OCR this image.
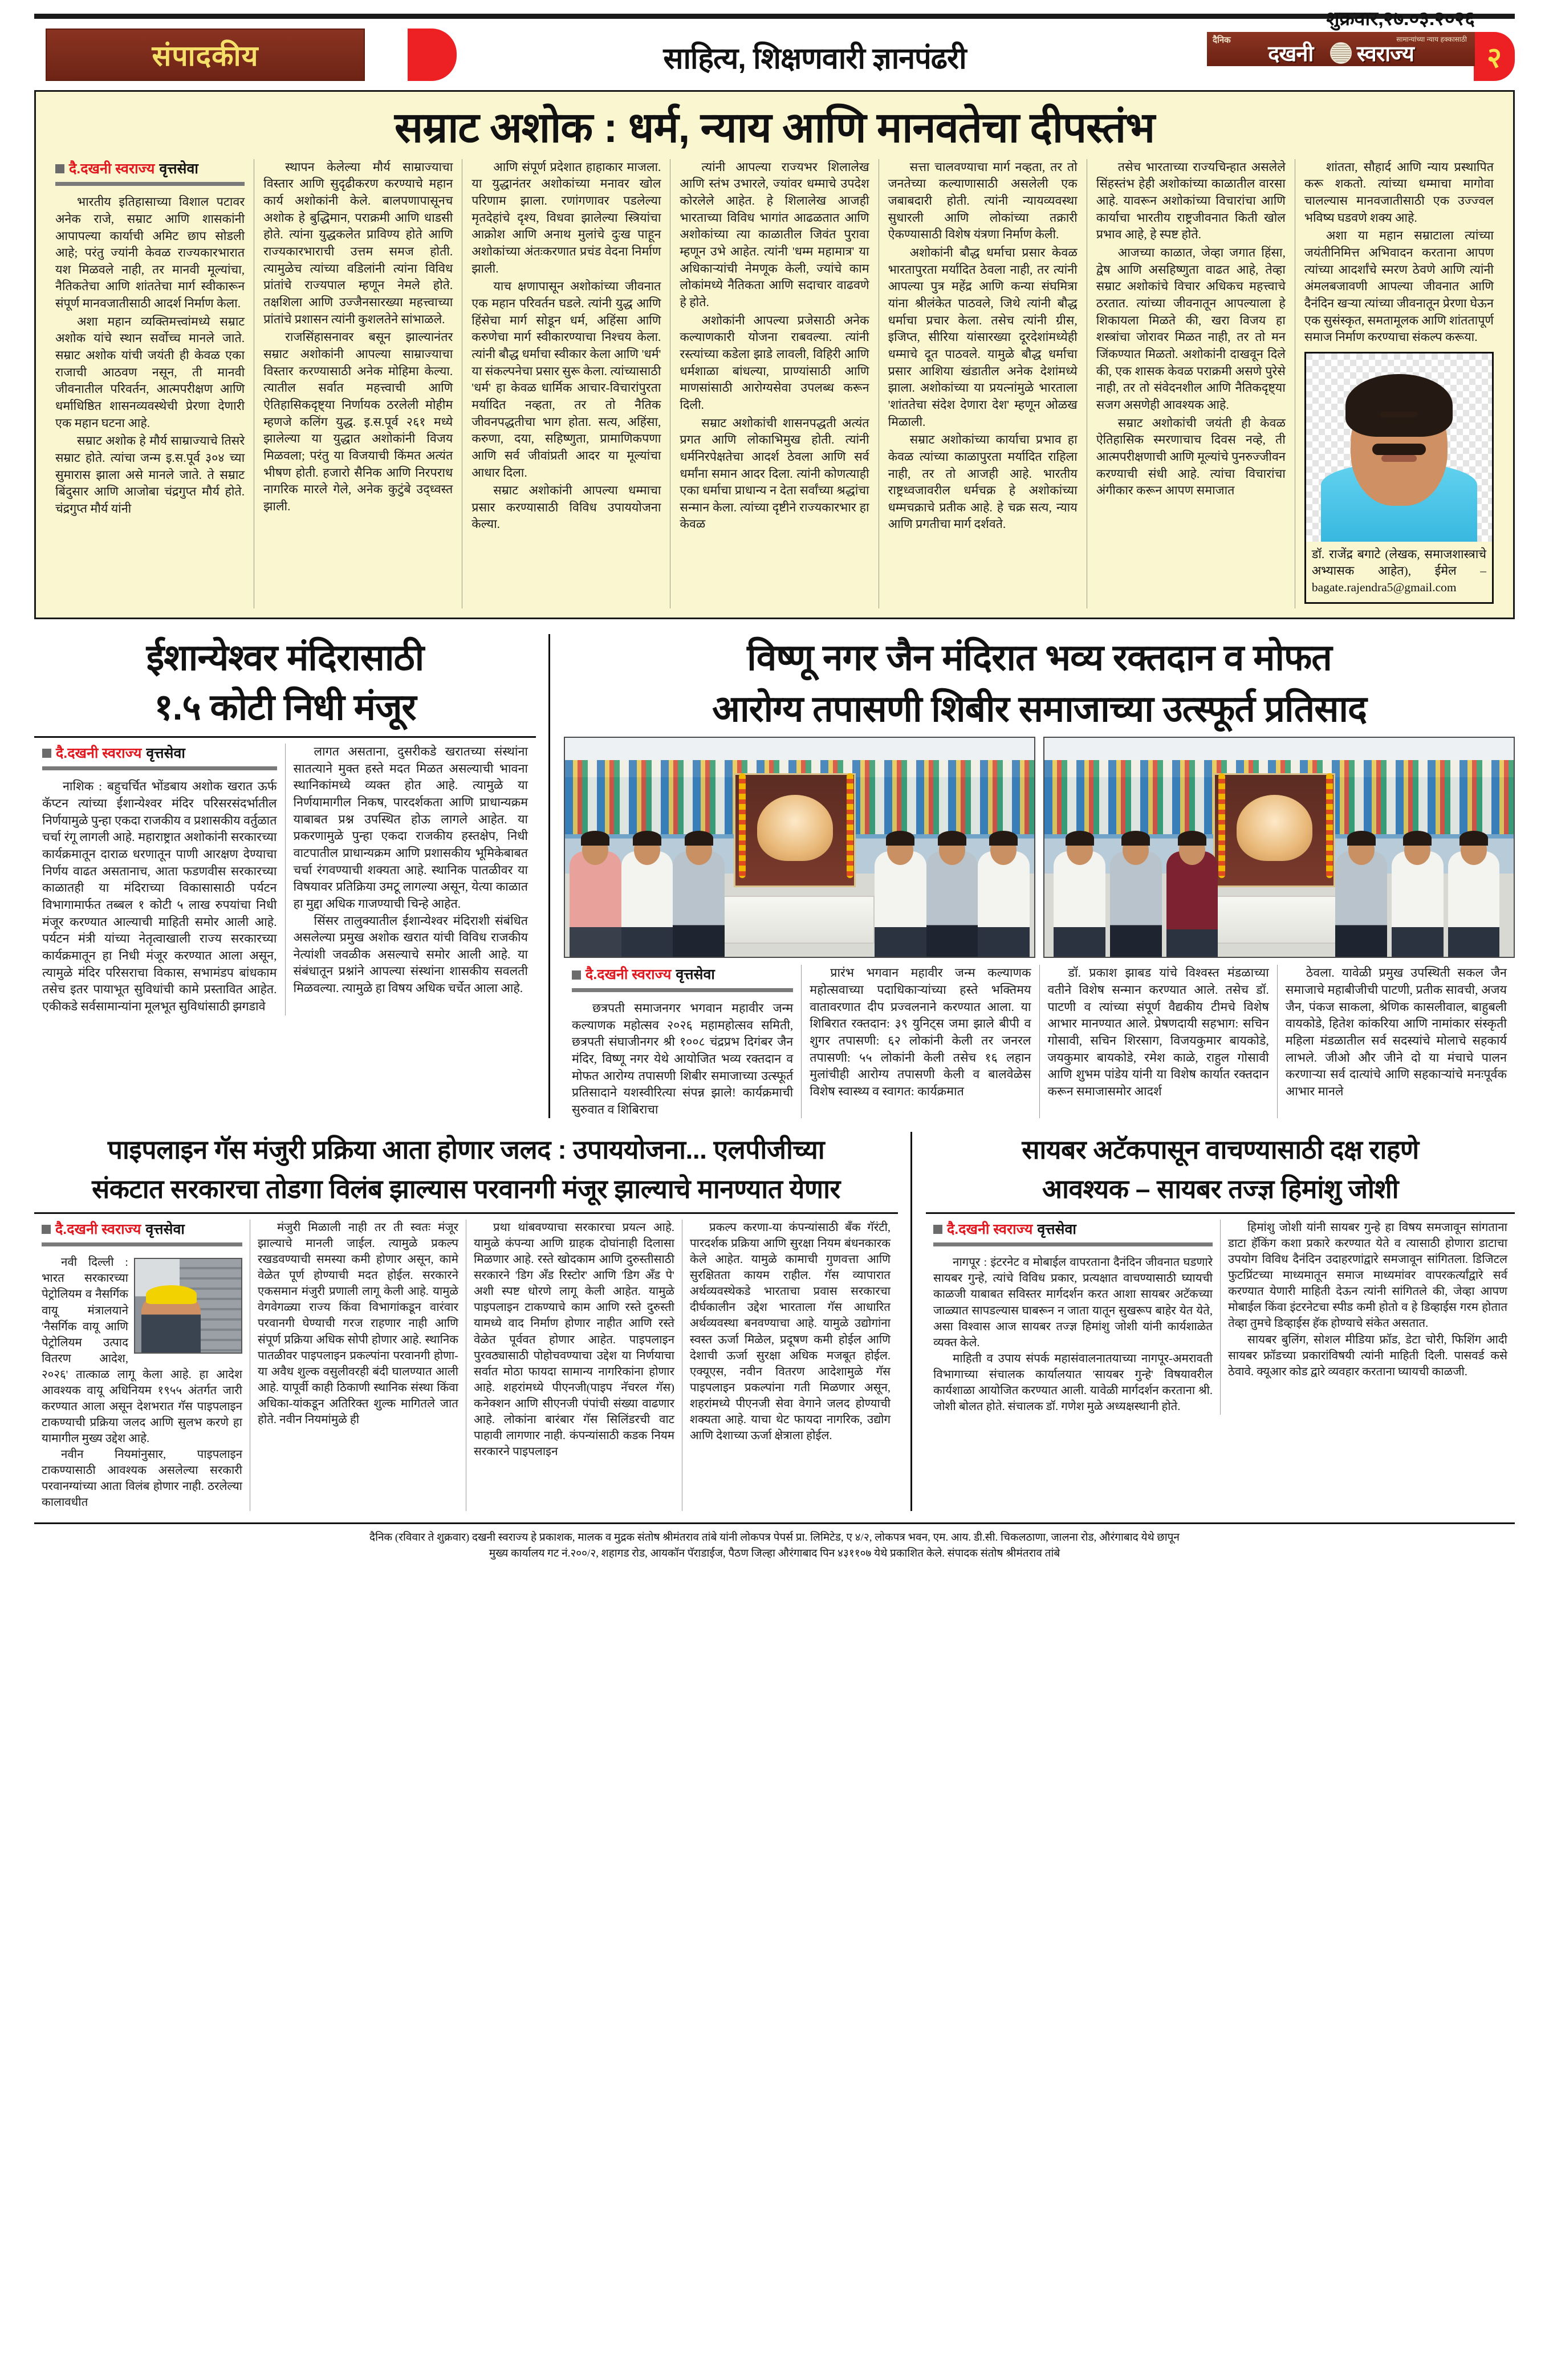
संपादकीय	साहित्य, शिक्षणवारी ज्ञानपंढरी
शुक्रवार,२७.०३.२०२६
दैनिक	सामान्यांच्या न्याय हक्कासाठी
दखनी स्वराज्य	२
सम्राट अशोक : धर्म, न्याय आणि मानवतेचा दीपस्तंभ
दै.दखनी स्वराज्य वृत्तसेवा

भारतीय इतिहासाच्या विशाल पटावर अनेक राजे, सम्राट आणि शासकांनी आपापल्या कार्याची अमिट छाप सोडली आहे; परंतु ज्यांनी केवळ राज्यकारभारात यश मिळवले नाही, तर मानवी मूल्यांचा, नैतिकतेचा आणि शांततेचा मार्ग स्वीकारून संपूर्ण मानवजातीसाठी आदर्श निर्माण केला.

अशा महान व्यक्तिमत्त्वांमध्ये सम्राट अशोक यांचे स्थान सर्वोच्च मानले जाते. सम्राट अशोक यांची जयंती ही केवळ एका राजाची आठवण नसून, ती मानवी जीवनातील परिवर्तन, आत्मपरीक्षण आणि धर्माधिष्ठित शासनव्यवस्थेची प्रेरणा देणारी एक महान घटना आहे.

सम्राट अशोक हे मौर्य साम्राज्याचे तिसरे सम्राट होते. त्यांचा जन्म इ.स.पूर्व ३०४ च्या सुमारास झाला असे मानले जाते. ते सम्राट बिंदुसार आणि आजोबा चंद्रगुप्त मौर्य होते. चंद्रगुप्त मौर्य यांनी

स्थापन केलेल्या मौर्य साम्राज्याचा विस्तार आणि सुदृढीकरण करण्याचे महान कार्य अशोकांनी केले. बालपणापासूनच अशोक हे बुद्धिमान, पराक्रमी आणि धाडसी होते. त्यांना युद्धकलेत प्राविण्य होते आणि राज्यकारभाराची उत्तम समज होती. त्यामुळेच त्यांच्या वडिलांनी त्यांना विविध प्रांतांचे राज्यपाल म्हणून नेमले होते. तक्षशिला आणि उज्जैनसारख्या महत्त्वाच्या प्रांतांचे प्रशासन त्यांनी कुशलतेने सांभाळले.

राजसिंहासनावर बसून झाल्यानंतर सम्राट अशोकांनी आपल्या साम्राज्याचा विस्तार करण्यासाठी अनेक मोहिमा केल्या. त्यातील सर्वात महत्त्वाची आणि ऐतिहासिकदृष्ट्या निर्णायक ठरलेली मोहीम म्हणजे कलिंग युद्ध. इ.स.पूर्व २६१ मध्ये झालेल्या या युद्धात अशोकांनी विजय मिळवला; परंतु या विजयाची किंमत अत्यंत भीषण होती. हजारो सैनिक आणि निरपराध नागरिक मारले गेले, अनेक कुटुंबे उद्ध्वस्त झाली.

आणि संपूर्ण प्रदेशात हाहाकार माजला. या युद्धानंतर अशोकांच्या मनावर खोल परिणाम झाला. रणांगणावर पडलेल्या मृतदेहांचे दृश्य, विधवा झालेल्या स्त्रियांचा आक्रोश आणि अनाथ मुलांचे दुःख पाहून अशोकांच्या अंतःकरणात प्रचंड वेदना निर्माण झाली.

याच क्षणापासून अशोकांच्या जीवनात एक महान परिवर्तन घडले. त्यांनी युद्ध आणि हिंसेचा मार्ग सोडून धर्म, अहिंसा आणि करुणेचा मार्ग स्वीकारण्याचा निश्चय केला. त्यांनी बौद्ध धर्माचा स्वीकार केला आणि 'धर्म' या संकल्पनेचा प्रसार सुरू केला. त्यांच्यासाठी 'धर्म' हा केवळ धार्मिक आचार-विचारांपुरता मर्यादित नव्हता, तर तो नैतिक जीवनपद्धतीचा भाग होता. सत्य, अहिंसा, करुणा, दया, सहिष्णुता, प्रामाणिकपणा आणि सर्व जीवांप्रती आदर या मूल्यांचा आधार दिला.

सम्राट अशोकांनी आपल्या धम्माचा प्रसार करण्यासाठी विविध उपाययोजना केल्या.

त्यांनी आपल्या राज्यभर शिलालेख आणि स्तंभ उभारले, ज्यांवर धम्माचे उपदेश कोरलेले आहेत. हे शिलालेख आजही भारताच्या विविध भागांत आढळतात आणि अशोकांच्या त्या काळातील जिवंत पुरावा म्हणून उभे आहेत. त्यांनी 'धम्म महामात्र' या अधिकाऱ्यांची नेमणूक केली, ज्यांचे काम लोकांमध्ये नैतिकता आणि सदाचार वाढवणे हे होते.

अशोकांनी आपल्या प्रजेसाठी अनेक कल्याणकारी योजना राबवल्या. त्यांनी रस्त्यांच्या कडेला झाडे लावली, विहिरी आणि धर्मशाळा बांधल्या, प्राण्यांसाठी आणि माणसांसाठी आरोग्यसेवा उपलब्ध करून दिली.

सम्राट अशोकांची शासनपद्धती अत्यंत प्रगत आणि लोकाभिमुख होती. त्यांनी धर्मनिरपेक्षतेचा आदर्श ठेवला आणि सर्व धर्मांना समान आदर दिला. त्यांनी कोणत्याही एका धर्माचा प्राधान्य न देता सर्वांच्या श्रद्धांचा सन्मान केला. त्यांच्या दृष्टीने राज्यकारभार हा केवळ

सत्ता चालवण्याचा मार्ग नव्हता, तर तो जनतेच्या कल्याणासाठी असलेली एक जबाबदारी होती. त्यांनी न्यायव्यवस्था सुधारली आणि लोकांच्या तक्रारी ऐकण्यासाठी विशेष यंत्रणा निर्माण केली.

अशोकांनी बौद्ध धर्माचा प्रसार केवळ भारतापुरता मर्यादित ठेवला नाही, तर त्यांनी आपल्या पुत्र महेंद्र आणि कन्या संघमित्रा यांना श्रीलंकेत पाठवले, जिथे त्यांनी बौद्ध धर्माचा प्रचार केला. तसेच त्यांनी ग्रीस, इजिप्त, सीरिया यांसारख्या दूरदेशांमध्येही धम्माचे दूत पाठवले. यामुळे बौद्ध धर्माचा प्रसार आशिया खंडातील अनेक देशांमध्ये झाला. अशोकांच्या या प्रयत्नांमुळे भारताला 'शांततेचा संदेश देणारा देश' म्हणून ओळख मिळाली.

सम्राट अशोकांच्या कार्याचा प्रभाव हा केवळ त्यांच्या काळापुरता मर्यादित राहिला नाही, तर तो आजही आहे. भारतीय राष्ट्रध्वजावरील धर्मचक्र हे अशोकांच्या धम्मचक्राचे प्रतीक आहे. हे चक्र सत्य, न्याय आणि प्रगतीचा मार्ग दर्शवते.

तसेच भारताच्या राज्यचिन्हात असलेले सिंहस्तंभ हेही अशोकांच्या काळातील वारसा आहे. यावरून अशोकांच्या विचारांचा आणि कार्याचा भारतीय राष्ट्रजीवनात किती खोल प्रभाव आहे, हे स्पष्ट होते.

आजच्या काळात, जेव्हा जगात हिंसा, द्वेष आणि असहिष्णुता वाढत आहे, तेव्हा सम्राट अशोकांचे विचार अधिकच महत्त्वाचे ठरतात. त्यांच्या जीवनातून आपल्याला हे शिकायला मिळते की, खरा विजय हा शस्त्रांचा जोरावर मिळत नाही, तर तो मन जिंकण्यात मिळतो. अशोकांनी दाखवून दिले की, एक शासक केवळ पराक्रमी असणे पुरेसे नाही, तर तो संवेदनशील आणि नैतिकदृष्ट्या सजग असणेही आवश्यक आहे.

सम्राट अशोकांची जयंती ही केवळ ऐतिहासिक स्मरणाचाच दिवस नव्हे, ती आत्मपरीक्षणाची आणि मूल्यांचे पुनरुज्जीवन करण्याची संधी आहे. त्यांचा विचारांचा अंगीकार करून आपण समाजात

शांतता, सौहार्द आणि न्याय प्रस्थापित करू शकतो. त्यांच्या धम्माचा मागोवा चालल्यास मानवजातीसाठी एक उज्ज्वल भविष्य घडवणे शक्य आहे.

अशा या महान सम्राटाला त्यांच्या जयंतीनिमित्त अभिवादन करताना आपण त्यांच्या आदर्शांचे स्मरण ठेवणे आणि त्यांनी अंमलबजावणी आपल्या जीवनात आणि दैनंदिन खऱ्या त्यांच्या जीवनातून प्रेरणा घेऊन एक सुसंस्कृत, समतामूलक आणि शांततापूर्ण समाज निर्माण करण्याचा संकल्प करूया.

डॉ. राजेंद्र बगाटे (लेखक, समाजशास्त्राचे अभ्यासक आहेत), ईमेल – bagate.rajendra5@gmail.com
ईशान्येश्वर मंदिरासाठी
१.५ कोटी निधी मंजूर
दै.दखनी स्वराज्य वृत्तसेवा

नाशिक : बहुचर्चित भोंडबाय अशोक खरात ऊर्फ कॅप्टन त्यांच्या ईशान्येश्वर मंदिर परिसरसंदर्भातील निर्णयामुळे पुन्हा एकदा राजकीय व प्रशासकीय वर्तुळात चर्चा रंगू लागली आहे. महाराष्ट्रात अशोकांनी सरकारच्या कार्यक्रमातून दाराळ धरणातून पाणी आरक्षण देण्याचा निर्णय वाढत असतानाच, आता फडणवीस सरकारच्या काळातही या मंदिराच्या विकासासाठी पर्यटन विभागामार्फत तब्बल १ कोटी ५ लाख रुपयांचा निधी मंजूर करण्यात आल्याची माहिती समोर आली आहे. पर्यटन मंत्री यांच्या नेतृत्वाखाली राज्य सरकारच्या कार्यक्रमातून हा निधी मंजूर करण्यात आला असून, त्यामुळे मंदिर परिसराचा विकास, सभामंडप बांधकाम तसेच इतर पायाभूत सुविधांची कामे प्रस्तावित आहेत. एकीकडे सर्वसामान्यांना मूलभूत सुविधांसाठी झगडावे

लागत असताना, दुसरीकडे खरातच्या संस्थांना सातत्याने मुक्त हस्ते मदत मिळत असल्याची भावना स्थानिकांमध्ये व्यक्त होत आहे. त्यामुळे या निर्णयामागील निकष, पारदर्शकता आणि प्राधान्यक्रम याबाबत प्रश्न उपस्थित होऊ लागले आहेत. या प्रकरणामुळे पुन्हा एकदा राजकीय हस्तक्षेप, निधी वाटपातील प्राधान्यक्रम आणि प्रशासकीय भूमिकेबाबत चर्चा रंगवण्याची शक्यता आहे. स्थानिक पातळीवर या विषयावर प्रतिक्रिया उमटू लागल्या असून, येत्या काळात हा मुद्दा अधिक गाजण्याची चिन्हे आहेत.

सिंसर तालुक्यातील ईशान्येश्वर मंदिराशी संबंधित असलेल्या प्रमुख अशोक खरात यांची विविध राजकीय नेत्यांशी जवळीक असल्याचे समोर आली आहे. या संबंधातून प्रश्नांने आपल्या संस्थांना शासकीय सवलती मिळवल्या. त्यामुळे हा विषय अधिक चर्चेत आला आहे.

विष्णू नगर जैन मंदिरात भव्य रक्तदान व मोफत
आरोग्य तपासणी शिबीर समाजाच्या उत्स्फूर्त प्रतिसाद
दै.दखनी स्वराज्य वृत्तसेवा

छत्रपती समाजनगर भगवान महावीर जन्म कल्याणक महोत्सव २०२६ महामहोत्सव समिती, छत्रपती संघाजीनगर श्री १००८ चंद्रप्रभ दिगंबर जैन मंदिर, विष्णू नगर येथे आयोजित भव्य रक्तदान व मोफत आरोग्य तपासणी शिबीर समाजाच्या उत्स्फूर्त प्रतिसादाने यशस्वीरित्या संपन्न झाले! कार्यक्रमाची सुरुवात व शिबिराचा

प्रारंभ भगवान महावीर जन्म कल्याणक महोत्सवाच्या पदाधिकाऱ्यांच्या हस्ते भक्तिमय वातावरणात दीप प्रज्वलनाने करण्यात आला. या शिबिरात रक्तदान: ३९ युनिट्स जमा झाले बीपी व शुगर तपासणी: ६२ लोकांनी केली तर जनरल तपासणी: ५५ लोकांनी केली तसेच १६ लहान मुलांचीही आरोग्य तपासणी केली व बालवेळेस विशेष स्वास्थ्य व स्वागत: कार्यक्रमात

डॉ. प्रकाश झाबड यांचे विश्वस्त मंडळाच्या वतीने विशेष सन्मान करण्यात आले. तसेच डॉ. पाटणी व त्यांच्या संपूर्ण वैद्यकीय टीमचे विशेष आभार मानण्यात आले. प्रेषणदायी सहभाग: सचिन गोसावी, सचिन शिरसाग, विजयकुमार बायकोडे, जयकुमार बायकोडे, रमेश काळे, राहुल गोसावी आणि शुभम पांडेय यांनी या विशेष कार्यात रक्तदान करून समाजासमोर आदर्श

ठेवला. यावेळी प्रमुख उपस्थिती सकल जैन समाजाचे महाबीजीची पाटणी, प्रतीक सावची, अजय जैन, पंकज साकला, श्रेणिक कासलीवाल, बाहुबली वायकोडे, हितेश कांकरिया आणि नामांकार संस्कृती महिला मंडळातील सर्व सदस्यांचे मोलाचे सहकार्य लाभले. जीओ और जीने दो या मंचाचे पालन करणाऱ्या सर्व दात्यांचे आणि सहकाऱ्यांचे मनःपूर्वक आभार मानले

पाइपलाइन गॅस मंजुरी प्रक्रिया आता होणार जलद : उपाययोजना... एलपीजीच्या
संकटात सरकारचा तोडगा विलंब झाल्यास परवानगी मंजूर झाल्याचे मानण्यात येणार
दै.दखनी स्वराज्य वृत्तसेवा

नवी दिल्ली : भारत सरकारच्या पेट्रोलियम व नैसर्गिक वायू मंत्रालयाने 'नैसर्गिक वायू आणि पेट्रोलियम उत्पाद वितरण आदेश, २०२६' तात्काळ लागू केला आहे. हा आदेश आवश्यक वायू अधिनियम १९५५ अंतर्गत जारी करण्यात आला असून देशभरात गॅस पाइपलाइन टाकण्याची प्रक्रिया जलद आणि सुलभ करणे हा यामागील मुख्य उद्देश आहे.

नवीन नियमांनुसार, पाइपलाइन टाकण्यासाठी आवश्यक असलेल्या सरकारी परवानग्यांच्या आता विलंब होणार नाही. ठरलेल्या कालावधीत

मंजुरी मिळाली नाही तर ती स्वतः मंजूर झाल्याचे मानली जाईल. त्यामुळे प्रकल्प रखडवण्याची समस्या कमी होणार असून, कामे वेळेत पूर्ण होण्याची मदत होईल. सरकारने एकसमान मंजुरी प्रणाली लागू केली आहे. यामुळे वेगवेगळ्या राज्य किंवा विभागांकडून वारंवार परवानगी घेण्याची गरज राहणार नाही आणि संपूर्ण प्रक्रिया अधिक सोपी होणार आहे. स्थानिक पातळीवर पाइपलाइन प्रकल्पांना परवानगी होणा-या अवैध शुल्क वसुलीवरही बंदी घालण्यात आली आहे. यापूर्वी काही ठिकाणी स्थानिक संस्था किंवा अधिका-यांकडून अतिरिक्त शुल्क मागितले जात होते. नवीन नियमांमुळे ही

प्रथा थांबवण्याचा सरकारचा प्रयत्न आहे. यामुळे कंपन्या आणि ग्राहक दोघांनाही दिलासा मिळणार आहे. रस्ते खोदकाम आणि दुरुस्तीसाठी सरकारने 'डिग अँड रिस्टोर' आणि 'डिग अँड पे' अशी स्पष्ट धोरणे लागू केली आहेत. यामुळे पाइपलाइन टाकण्याचे काम आणि रस्ते दुरुस्ती यामध्ये वाद निर्माण होणार नाहीत आणि रस्ते वेळेत पूर्ववत होणार आहेत. पाइपलाइन पुरवठ्यासाठी पोहोचवण्याचा उद्देश या निर्णयाचा सर्वात मोठा फायदा सामान्य नागरिकांना होणार आहे. शहरांमध्ये पीएनजी(पाइप नॅचरल गॅस) कनेक्शन आणि सीएनजी पंपांची संख्या वाढणार आहे. लोकांना बारंबार गॅस सिलिंडरची वाट पाहावी लागणार नाही. कंपन्यांसाठी कडक नियम सरकारने पाइपलाइन

प्रकल्प करणा-या कंपन्यांसाठी बँक गॅरंटी, पारदर्शक प्रक्रिया आणि सुरक्षा नियम बंधनकारक केले आहेत. यामुळे कामाची गुणवत्ता आणि सुरक्षितता कायम राहील. गॅस व्यापारात अर्थव्यवस्थेकडे भारताचा प्रवास सरकारचा दीर्घकालीन उद्देश भारताला गॅस आधारित अर्थव्यवस्था बनवण्याचा आहे. यामुळे उद्योगांना स्वस्त ऊर्जा मिळेल, प्रदूषण कमी होईल आणि देशाची ऊर्जा सुरक्षा अधिक मजबूत होईल. एक्यूएस, नवीन वितरण आदेशामुळे गॅस पाइपलाइन प्रकल्पांना गती मिळणार असून, शहरांमध्ये पीएनजी सेवा वेगाने जलद होण्याची शक्यता आहे. याचा थेट फायदा नागरिक, उद्योग आणि देशाच्या ऊर्जा क्षेत्राला होईल.

सायबर अटॅकपासून वाचण्यासाठी दक्ष राहणे
आवश्यक – सायबर तज्ज्ञ हिमांशु जोशी
दै.दखनी स्वराज्य वृत्तसेवा

नागपूर : इंटरनेट व मोबाईल वापरताना दैनंदिन जीवनात घडणारे सायबर गुन्हे, त्यांचे विविध प्रकार, प्रत्यक्षात वाचण्यासाठी घ्यायची काळजी याबाबत सविस्तर मार्गदर्शन करत आशा सायबर अटॅकच्या जाळ्यात सापडल्यास घाबरून न जाता यातून सुखरूप बाहेर येत येते, असा विश्वास आज सायबर तज्ज्ञ हिमांशु जोशी यांनी कार्यशाळेत व्यक्त केले.

माहिती व उपाय संपर्क महासंवालनातयाच्या नागपूर-अमरावती विभागाच्या संचालक कार्यालयात 'सायबर गुन्हे' विषयावरील कार्यशाळा आयोजित करण्यात आली. यावेळी मार्गदर्शन करताना श्री. जोशी बोलत होते. संचालक डॉ. गणेश मुळे अध्यक्षस्थानी होते.

हिमांशु जोशी यांनी सायबर गुन्हे हा विषय समजावून सांगताना डाटा हॅकिंग कशा प्रकारे करण्यात येते व त्यासाठी होणारा डाटाचा उपयोग विविध दैनंदिन उदाहरणांद्वारे समजावून सांगितला. डिजिटल फुटप्रिंटच्या माध्यमातून समाज माध्यमांवर वापरकर्त्यांद्वारे सर्व करण्यात येणारी माहिती देऊन त्यांनी सांगितले की, जेव्हा आपण मोबाईल किंवा इंटरनेटचा स्पीड कमी होतो व हे डिव्हाईस गरम होतात तेव्हा तुमचे डिव्हाईस हॅक होण्याचे संकेत असतात.

सायबर बुलिंग, सोशल मीडिया फ्रॉड, डेटा चोरी, फिशिंग आदी सायबर फ्रॉडच्या प्रकारांविषयी त्यांनी माहिती दिली. पासवर्ड कसे ठेवावे. क्यूआर कोड द्वारे व्यवहार करताना घ्यायची काळजी.

दैनिक (रविवार ते शुक्रवार) दखनी स्वराज्य हे प्रकाशक, मालक व मुद्रक संतोष श्रीमंतराव तांबे यांनी लोकपत्र पेपर्स प्रा. लिमिटेड, ए ४/२, लोकपत्र भवन, एम. आय. डी.सी. चिकलठाणा, जालना रोड, औरंगाबाद येथे छापून
मुख्य कार्यालय गट नं.२००/२, शहागड रोड, आयकॉन पॅराडाईज, पैठण जिल्हा औरंगाबाद पिन ४३११०७ येथे प्रकाशित केले. संपादक संतोष श्रीमंतराव तांबे
